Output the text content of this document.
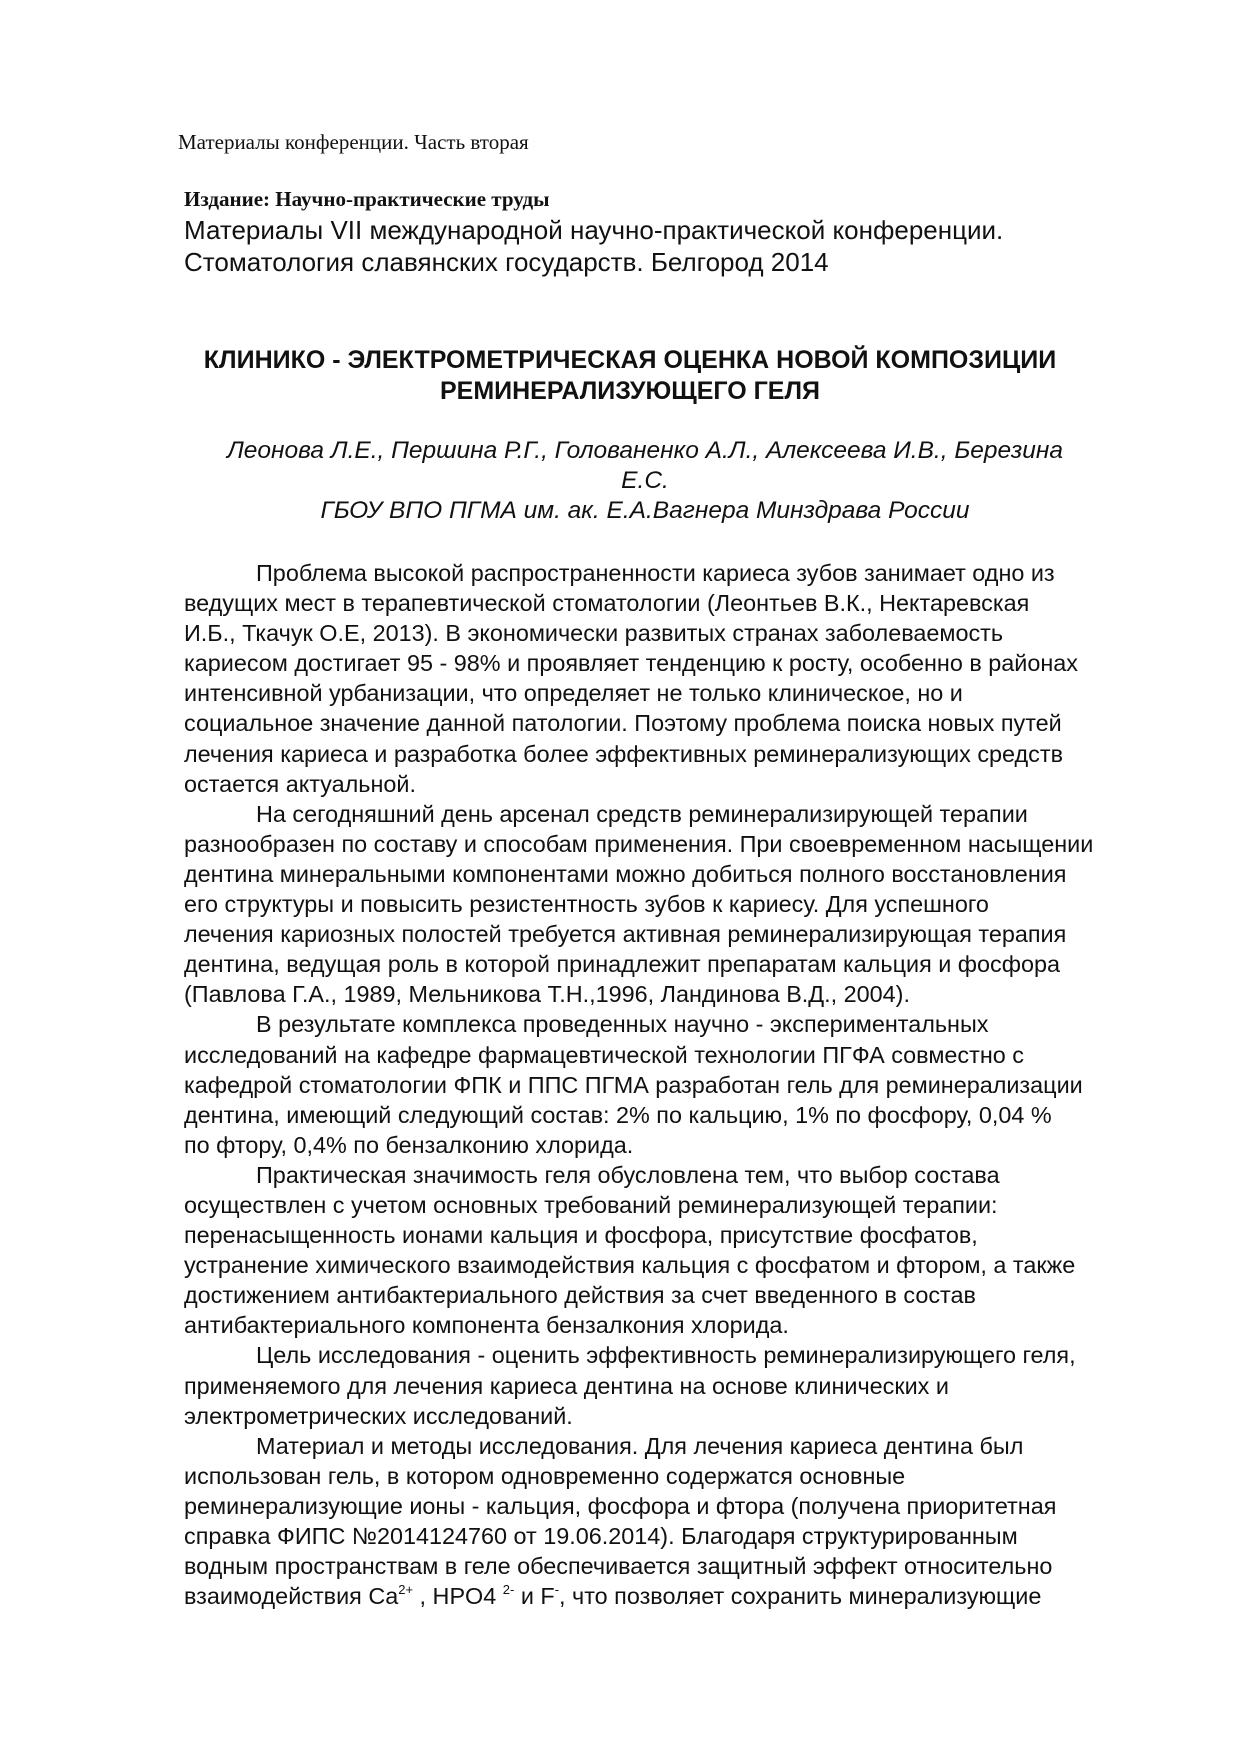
Материалы конференции. Часть вторая
Издание: Научно-практические труды
Материалы VII международной научно-практической конференции.
Стоматология славянских государств. Белгород 2014
КЛИНИКО - ЭЛЕКТРОМЕТРИЧЕСКАЯ ОЦЕНКА НОВОЙ КОМПОЗИЦИИ
РЕМИНЕРАЛИЗУЮЩЕГО ГЕЛЯ
Леонова Л.Е., Першина Р.Г., Голованенко А.Л., Алексеева И.В., Березина
Е.С.
ГБОУ ВПО ПГМА им. ак. Е.А.Вагнера Минздрава России
Проблема высокой распространенности кариеса зубов занимает одно из
ведущих мест в терапевтической стоматологии (Леонтьев В.К., Нектаревская
И.Б., Ткачук О.Е, 2013). В экономически развитых странах заболеваемость
кариесом достигает 95 - 98% и проявляет тенденцию к росту, особенно в районах
интенсивной урбанизации, что определяет не только клиническое, но и
социальное значение данной патологии. Поэтому проблема поиска новых путей
лечения кариеса и разработка более эффективных реминерализующих средств
остается актуальной.
На сегодняшний день арсенал средств реминерализирующей терапии
разнообразен по составу и способам применения. При своевременном насыщении
дентина минеральными компонентами можно добиться полного восстановления
его структуры и повысить резистентность зубов к кариесу. Для успешного
лечения кариозных полостей требуется активная реминерализирующая терапия
дентина, ведущая роль в которой принадлежит препаратам кальция и фосфора
(Павлова Г.А., 1989, Мельникова Т.Н.,1996, Ландинова В.Д., 2004).
В результате комплекса проведенных научно - экспериментальных
исследований на кафедре фармацевтической технологии ПГФА совместно с
кафедрой стоматологии ФПК и ППС ПГМА разработан гель для реминерализации
дентина, имеющий следующий состав: 2% по кальцию, 1% по фосфору, 0,04 %
по фтору, 0,4% по бензалконию хлорида.
Практическая значимость геля обусловлена тем, что выбор состава
осуществлен с учетом основных требований реминерализующей терапии:
перенасыщенность ионами кальция и фосфора, присутствие фосфатов,
устранение химического взаимодействия кальция с фосфатом и фтором, а также
достижением антибактериального действия за счет введенного в состав
антибактериального компонента бензалкония хлорида.
Цель исследования - оценить эффективность реминерализирующего геля,
применяемого для лечения кариеса дентина на основе клинических и
электрометрических исследований.
Материал и методы исследования. Для лечения кариеса дентина был
использован гель, в котором одновременно содержатся основные
реминерализующие ионы - кальция, фосфора и фтора (получена приоритетная
справка ФИПС №2014124760 от 19.06.2014). Благодаря структурированным
водным пространствам в геле обеспечивается защитный эффект относительно
взаимодействия $Ca^{2+}$ , HPO4 $^{2-}$ и F-, что позволяет сохранить минерализующие
